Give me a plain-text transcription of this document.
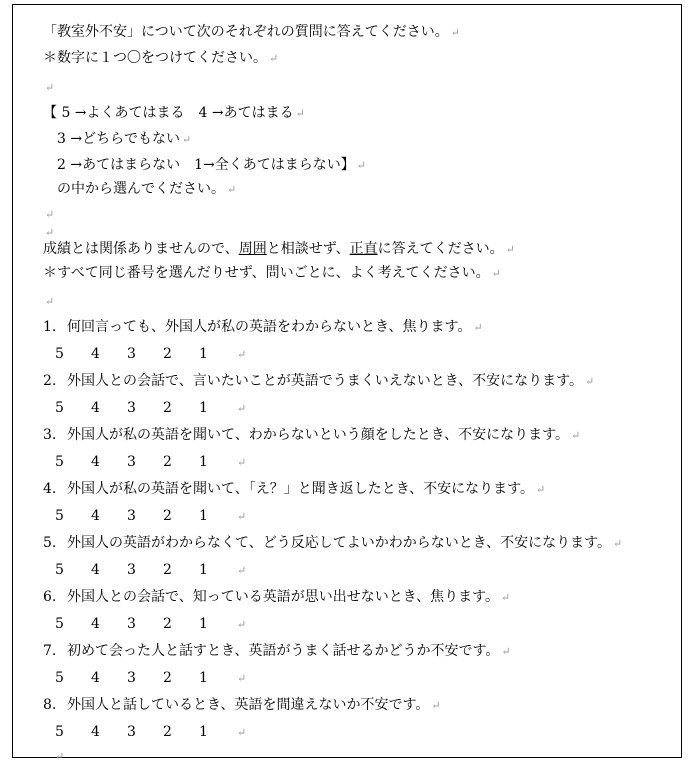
「教室外不安」について次のそれぞれの質問に答えてください。 ↵
＊数字に１つ〇をつけてください。 ↵
↵
【 5 →よくあてはまる　4 →あてはまる ↵
3 →どちらでもない ↵
2 →あてはまらない　1→全くあてはまらない】 ↵
の中から選んでください。 ↵
↵
↵
成績とは関係ありませんので、周囲と相談せず、正直に答えてください。 ↵
＊すべて同じ番号を選んだりせず、問いごとに、よく考えてください。 ↵
↵
1. 何回言っても、外国人が私の英語をわからないとき、焦ります。 ↵
5 4 3 2 1	↵
2. 外国人との会話で、言いたいことが英語でうまくいえないとき、不安になります。 ↵
5 4 3 2 1	↵
3. 外国人が私の英語を聞いて、わからないという顔をしたとき、不安になります。 ↵
5 4 3 2 1	↵
4. 外国人が私の英語を聞いて、「え？」と聞き返したとき、不安になります。 ↵
5 4 3 2 1	↵
5. 外国人の英語がわからなくて、どう反応してよいかわからないとき、不安になります。 ↵
5 4 3 2 1	↵
6. 外国人との会話で、知っている英語が思い出せないとき、焦ります。 ↵
5 4 3 2 1	↵
7. 初めて会った人と話すとき、英語がうまく話せるかどうか不安です。 ↵
5 4 3 2 1	↵
8. 外国人と話しているとき、英語を間違えないか不安です。 ↵
5 4 3 2 1	↵
↵
